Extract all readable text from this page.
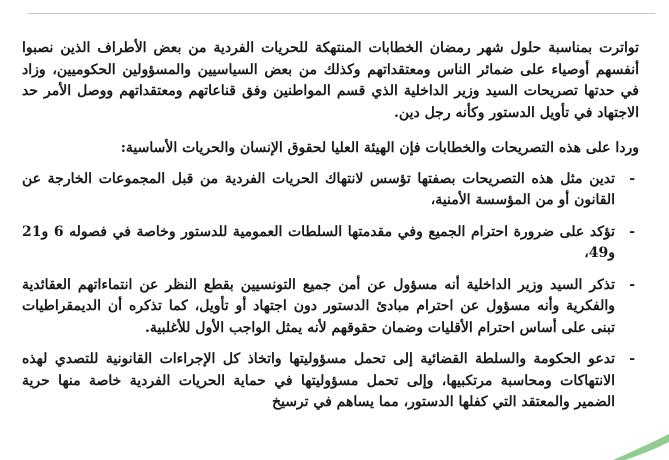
تواترت بمناسبة حلول شهر رمضان الخطابات المنتهكة للحريات الفردية من بعض الأطراف الذين نصبوا أنفسهم أوصياء على ضمائر الناس ومعتقداتهم وكذلك من بعض السياسيين والمسؤولين الحكوميين، وزاد في حدتها تصريحات السيد وزير الداخلية الذي قسم المواطنين وفق قناعاتهم ومعتقداتهم ووصل الأمر حد الاجتهاد في تأويل الدستور وكأنه رجل دين.

وردا على هذه التصريحات والخطابات فإن الهيئة العليا لحقوق الإنسان والحريات الأساسية:

-
تدين مثل هذه التصريحات بصفتها تؤسس لانتهاك الحريات الفردية من قبل المجموعات الخارجة عن القانون أو من المؤسسة الأمنية،
-
تؤكد على ضرورة احترام الجميع وفي مقدمتها السلطات العمومية للدستور وخاصة في فصوله 6 و21 و49،
-
تذكر السيد وزير الداخلية أنه مسؤول عن أمن جميع التونسيين بقطع النظر عن انتماءاتهم العقائدية والفكرية وأنه مسؤول عن احترام مبادئ الدستور دون اجتهاد أو تأويل، كما تذكره أن الديمقراطيات تبنى على أساس احترام الأقليات وضمان حقوقهم لأنه يمثل الواجب الأول للأغلبية.
-
تدعو الحكومة والسلطة القضائية إلى تحمل مسؤوليتها واتخاذ كل الإجراءات القانونية للتصدي لهذه الانتهاكات ومحاسبة مرتكبيها، وإلى تحمل مسؤوليتها في حماية الحريات الفردية خاصة منها حرية الضمير والمعتقد التي كفلها الدستور، مما يساهم في ترسيخ
